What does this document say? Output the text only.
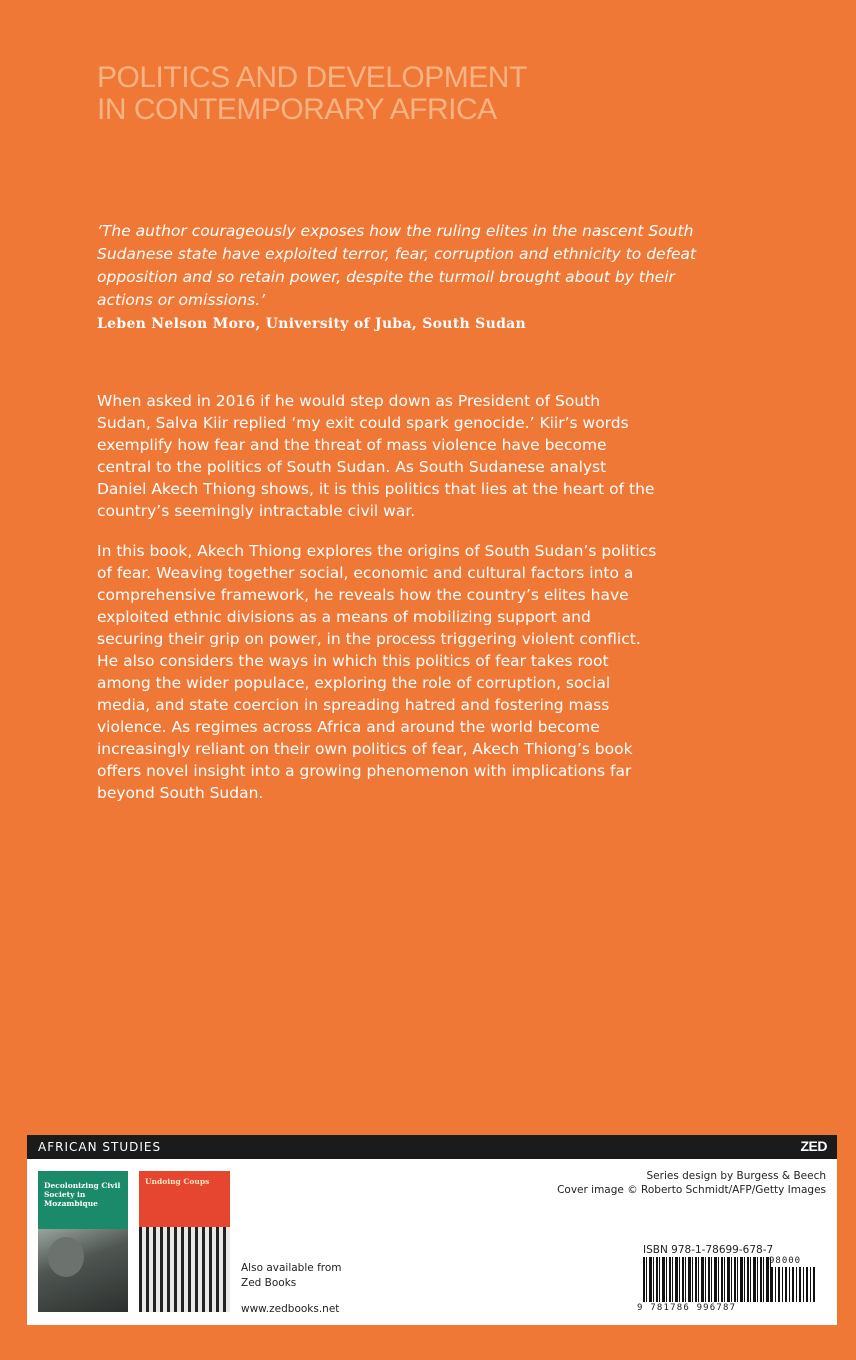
POLITICS AND DEVELOPMENT
IN CONTEMPORARY AFRICA
‘The author courageously exposes how the ruling elites in the nascent South Sudanese state have exploited terror, fear, corruption and ethnicity to defeat opposition and so retain power, despite the turmoil brought about by their actions or omissions.’
Leben Nelson Moro, University of Juba, South Sudan

When asked in 2016 if he would step down as President of South Sudan, Salva Kiir replied ‘my exit could spark genocide.’ Kiir’s words exemplify how fear and the threat of mass violence have become central to the politics of South Sudan. As South Sudanese analyst Daniel Akech Thiong shows, it is this politics that lies at the heart of the country’s seemingly intractable civil war.

In this book, Akech Thiong explores the origins of South Sudan’s politics of fear. Weaving together social, economic and cultural factors into a comprehensive framework, he reveals how the country’s elites have exploited ethnic divisions as a means of mobilizing support and securing their grip on power, in the process triggering violent conflict. He also considers the ways in which this politics of fear takes root among the wider populace, exploring the role of corruption, social media, and state coercion in spreading hatred and fostering mass violence. As regimes across Africa and around the world become increasingly reliant on their own politics of fear, Akech Thiong’s book offers novel insight into a growing phenomenon with implications far beyond South Sudan.

AFRICAN STUDIES	ZED
Decolonizing Civil Society in Mozambique
Undoing Coups
Also available from
Zed Books
www.zedbooks.net
Series design by Burgess & Beech
Cover image © Roberto Schmidt/AFP/Getty Images
ISBN 978-1-78699-678-7
9 781786 996787
98000
